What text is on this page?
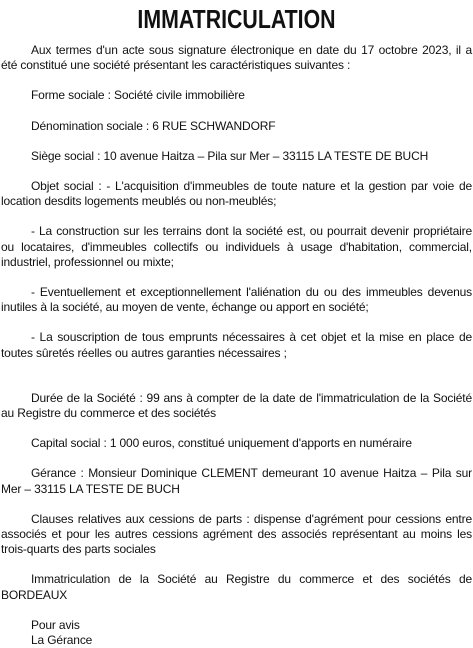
IMMATRICULATION

Aux termes d'un acte sous signature électronique en date du 17 octobre 2023, il a été constitué une société présentant les caractéristiques suivantes :

Forme sociale : Société civile immobilière

Dénomination sociale : 6 RUE SCHWANDORF

Siège social : 10 avenue Haitza – Pila sur Mer – 33115 LA TESTE DE BUCH

Objet social : - L'acquisition d'immeubles de toute nature et la gestion par voie de location desdits logements meublés ou non-meublés;

- La construction sur les terrains dont la société est, ou pourrait devenir propriétaire ou locataires, d'immeubles collectifs ou individuels à usage d'habitation, commercial, industriel, professionnel ou mixte;

- Eventuellement et exceptionnellement l'aliénation du ou des immeubles devenus inutiles à la société, au moyen de vente, échange ou apport en société;

- La souscription de tous emprunts nécessaires à cet objet et la mise en place de toutes sûretés réelles ou autres garanties nécessaires ;

Durée de la Société : 99 ans à compter de la date de l'immatriculation de la Société au Registre du commerce et des sociétés

Capital social : 1 000 euros, constitué uniquement d'apports en numéraire

Gérance : Monsieur Dominique CLEMENT demeurant 10 avenue Haitza – Pila sur Mer – 33115 LA TESTE DE BUCH

Clauses relatives aux cessions de parts : dispense d'agrément pour cessions entre associés et pour les autres cessions agrément des associés représentant au moins les trois-quarts des parts sociales

Immatriculation de la Société au Registre du commerce et des sociétés de BORDEAUX

Pour avis

La Gérance
